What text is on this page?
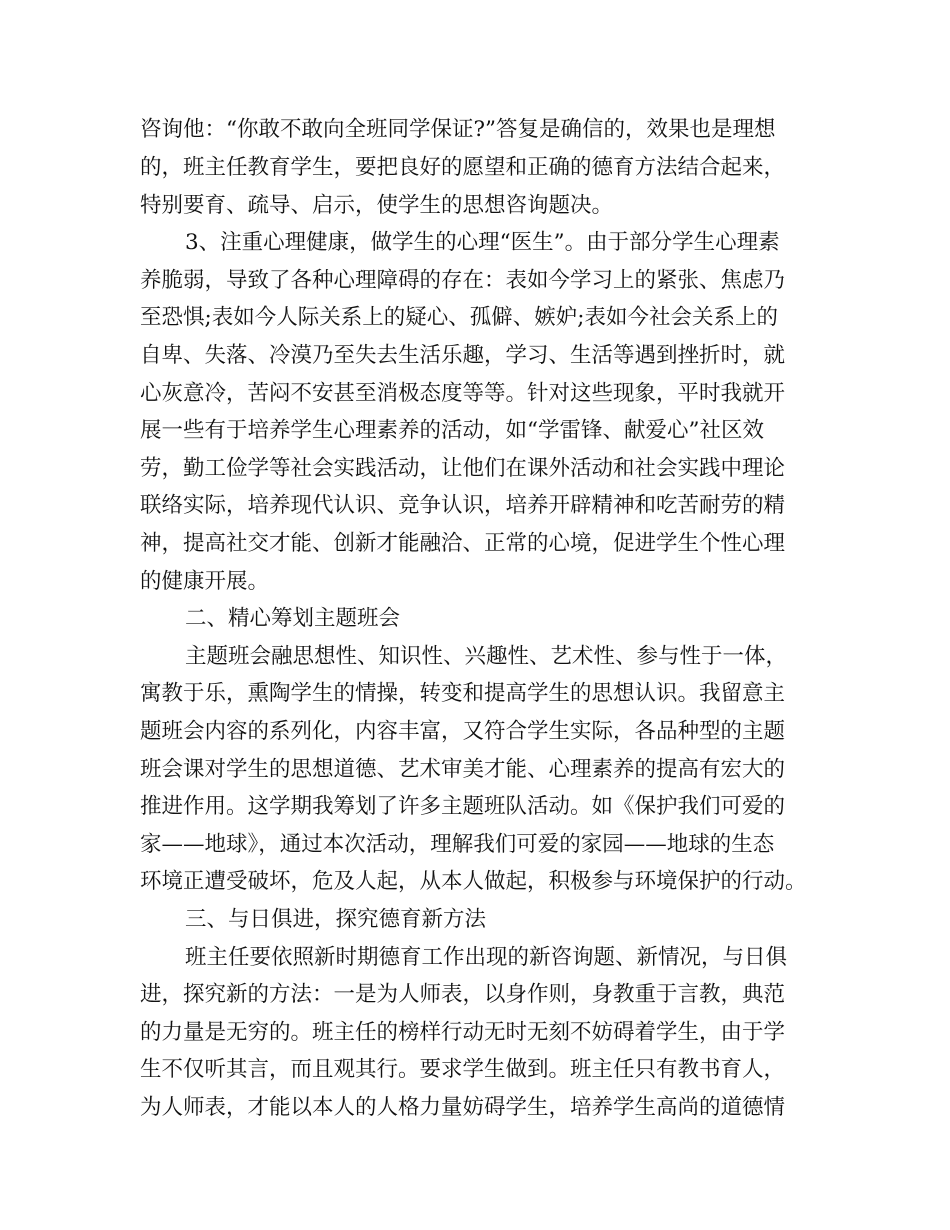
咨询他：“你敢不敢向全班同学保证?”答复是确信的，效果也是理想
的，班主任教育学生，要把良好的愿望和正确的德育方法结合起来，
特别要育、疏导、启示，使学生的思想咨询题决。
3、注重心理健康，做学生的心理“医生”。由于部分学生心理素
养脆弱，导致了各种心理障碍的存在：表如今学习上的紧张、焦虑乃
至恐惧;表如今人际关系上的疑心、孤僻、嫉妒;表如今社会关系上的
自卑、失落、冷漠乃至失去生活乐趣，学习、生活等遇到挫折时，就
心灰意冷，苦闷不安甚至消极态度等等。针对这些现象，平时我就开
展一些有于培养学生心理素养的活动，如“学雷锋、献爱心”社区效
劳，勤工俭学等社会实践活动，让他们在课外活动和社会实践中理论
联络实际，培养现代认识、竞争认识，培养开辟精神和吃苦耐劳的精
神，提高社交才能、创新才能融洽、正常的心境，促进学生个性心理
的健康开展。
二、精心筹划主题班会
主题班会融思想性、知识性、兴趣性、艺术性、参与性于一体，
寓教于乐，熏陶学生的情操，转变和提高学生的思想认识。我留意主
题班会内容的系列化，内容丰富，又符合学生实际，各品种型的主题
班会课对学生的思想道德、艺术审美才能、心理素养的提高有宏大的
推进作用。这学期我筹划了许多主题班队活动。如《保护我们可爱的
家——地球》，通过本次活动，理解我们可爱的家园——地球的生态
环境正遭受破坏，危及人起，从本人做起，积极参与环境保护的行动。
三、与日俱进，探究德育新方法
班主任要依照新时期德育工作出现的新咨询题、新情况，与日俱
进，探究新的方法：一是为人师表，以身作则，身教重于言教，典范
的力量是无穷的。班主任的榜样行动无时无刻不妨碍着学生，由于学
生不仅听其言，而且观其行。要求学生做到。班主任只有教书育人，
为人师表，才能以本人的人格力量妨碍学生，培养学生高尚的道德情
